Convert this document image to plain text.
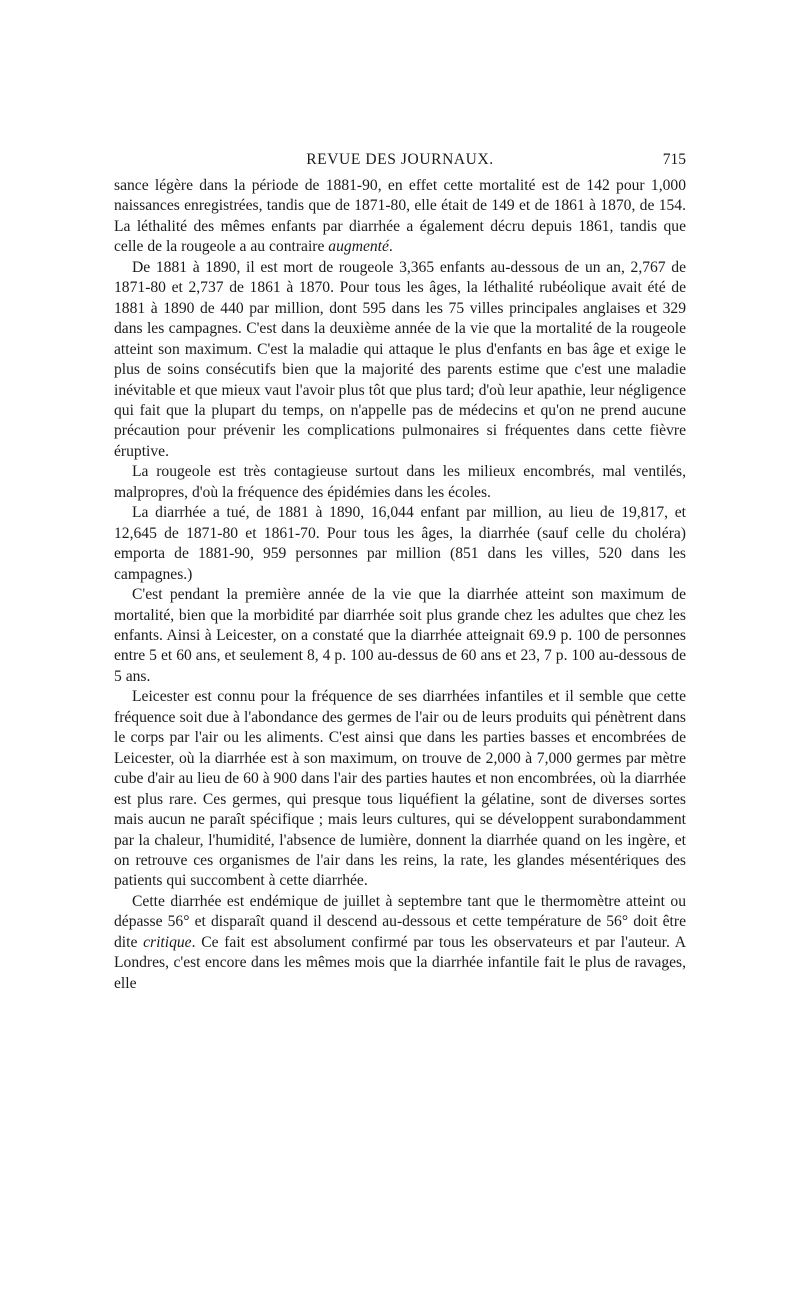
REVUE DES JOURNAUX.	715

sance légère dans la période de 1881-90, en effet cette mortalité est de 142 pour 1,000 naissances enregistrées, tandis que de 1871-80, elle était de 149 et de 1861 à 1870, de 154. La léthalité des mêmes enfants par diarrhée a également décru depuis 1861, tandis que celle de la rougeole a au contraire augmenté.

De 1881 à 1890, il est mort de rougeole 3,365 enfants au-dessous de un an, 2,767 de 1871-80 et 2,737 de 1861 à 1870. Pour tous les âges, la léthalité rubéolique avait été de 1881 à 1890 de 440 par million, dont 595 dans les 75 villes principales anglaises et 329 dans les campagnes. C'est dans la deuxième année de la vie que la mortalité de la rougeole atteint son maximum. C'est la maladie qui attaque le plus d'enfants en bas âge et exige le plus de soins consécutifs bien que la majorité des parents estime que c'est une maladie inévitable et que mieux vaut l'avoir plus tôt que plus tard; d'où leur apathie, leur négligence qui fait que la plupart du temps, on n'appelle pas de médecins et qu'on ne prend aucune précaution pour prévenir les complications pulmonaires si fréquentes dans cette fièvre éruptive.

La rougeole est très contagieuse surtout dans les milieux encombrés, mal ventilés, malpropres, d'où la fréquence des épidémies dans les écoles.

La diarrhée a tué, de 1881 à 1890, 16,044 enfant par million, au lieu de 19,817, et 12,645 de 1871-80 et 1861-70. Pour tous les âges, la diarrhée (sauf celle du choléra) emporta de 1881-90, 959 personnes par million (851 dans les villes, 520 dans les campagnes.)

C'est pendant la première année de la vie que la diarrhée atteint son maximum de mortalité, bien que la morbidité par diarrhée soit plus grande chez les adultes que chez les enfants. Ainsi à Leicester, on a constaté que la diarrhée atteignait 69.9 p. 100 de personnes entre 5 et 60 ans, et seulement 8, 4 p. 100 au-dessus de 60 ans et 23, 7 p. 100 au-dessous de 5 ans.

Leicester est connu pour la fréquence de ses diarrhées infantiles et il semble que cette fréquence soit due à l'abondance des germes de l'air ou de leurs produits qui pénètrent dans le corps par l'air ou les aliments. C'est ainsi que dans les parties basses et encombrées de Leicester, où la diarrhée est à son maximum, on trouve de 2,000 à 7,000 germes par mètre cube d'air au lieu de 60 à 900 dans l'air des parties hautes et non encombrées, où la diarrhée est plus rare. Ces germes, qui presque tous liquéfient la gélatine, sont de diverses sortes mais aucun ne paraît spécifique ; mais leurs cultures, qui se développent surabondamment par la chaleur, l'humidité, l'absence de lumière, donnent la diarrhée quand on les ingère, et on retrouve ces organismes de l'air dans les reins, la rate, les glandes mésentériques des patients qui succombent à cette diarrhée.

Cette diarrhée est endémique de juillet à septembre tant que le thermomètre atteint ou dépasse 56° et disparaît quand il descend au-dessous et cette température de 56° doit être dite critique. Ce fait est absolument confirmé par tous les observateurs et par l'auteur. A Londres, c'est encore dans les mêmes mois que la diarrhée infantile fait le plus de ravages, elle
